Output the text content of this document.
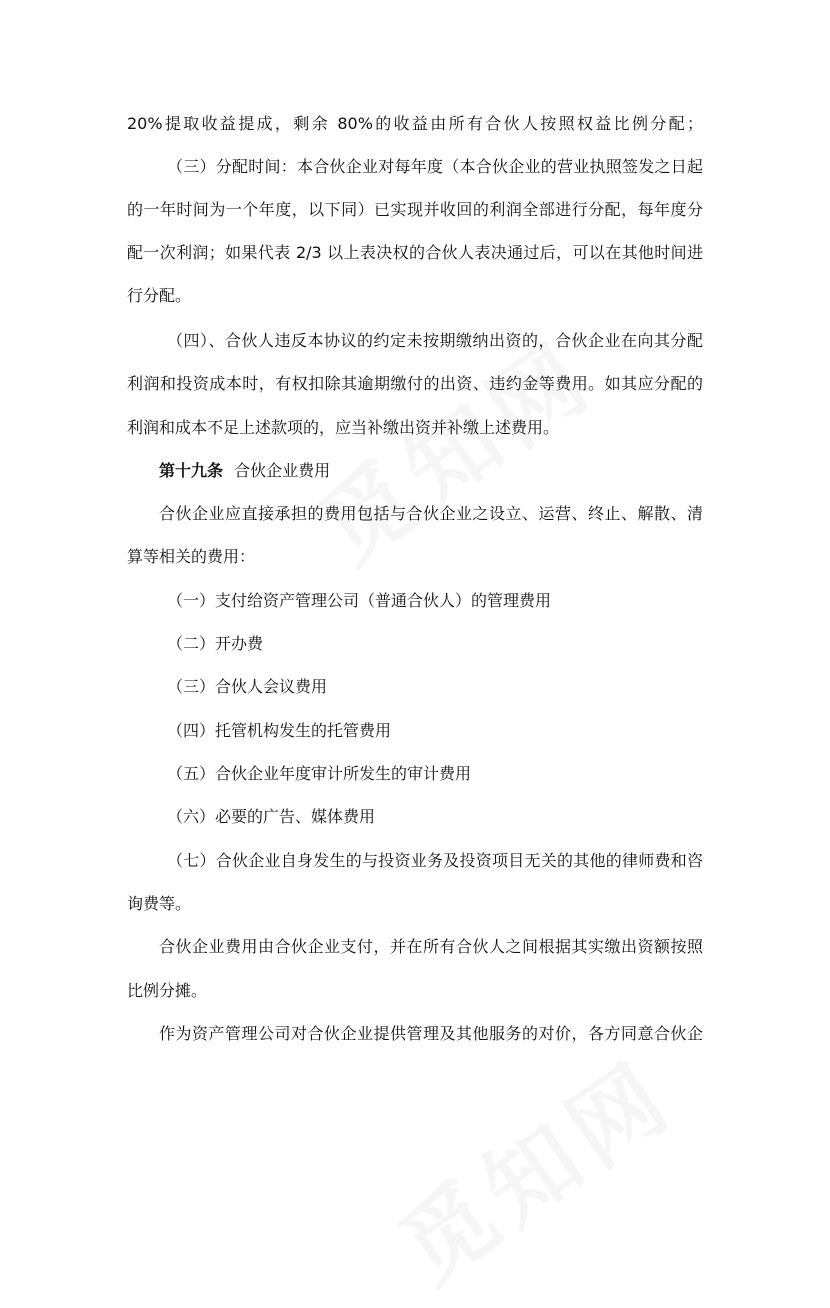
20%提取收益提成，剩余 80%的收益由所有合伙人按照权益比例分配；
（三）分配时间：本合伙企业对每年度（本合伙企业的营业执照签发之日起
的一年时间为一个年度，以下同）已实现并收回的利润全部进行分配，每年度分
配一次利润；如果代表 2/3 以上表决权的合伙人表决通过后，可以在其他时间进
行分配。
（四）、合伙人违反本协议的约定未按期缴纳出资的，合伙企业在向其分配
利润和投资成本时，有权扣除其逾期缴付的出资、违约金等费用。如其应分配的
利润和成本不足上述款项的，应当补缴出资并补缴上述费用。
第十九条 合伙企业费用
合伙企业应直接承担的费用包括与合伙企业之设立、运营、终止、解散、清
算等相关的费用：
（一）支付给资产管理公司（普通合伙人）的管理费用
（二）开办费
（三）合伙人会议费用
（四）托管机构发生的托管费用
（五）合伙企业年度审计所发生的审计费用
（六）必要的广告、媒体费用
（七）合伙企业自身发生的与投资业务及投资项目无关的其他的律师费和咨
询费等。
合伙企业费用由合伙企业支付，并在所有合伙人之间根据其实缴出资额按照
比例分摊。
作为资产管理公司对合伙企业提供管理及其他服务的对价，各方同意合伙企
